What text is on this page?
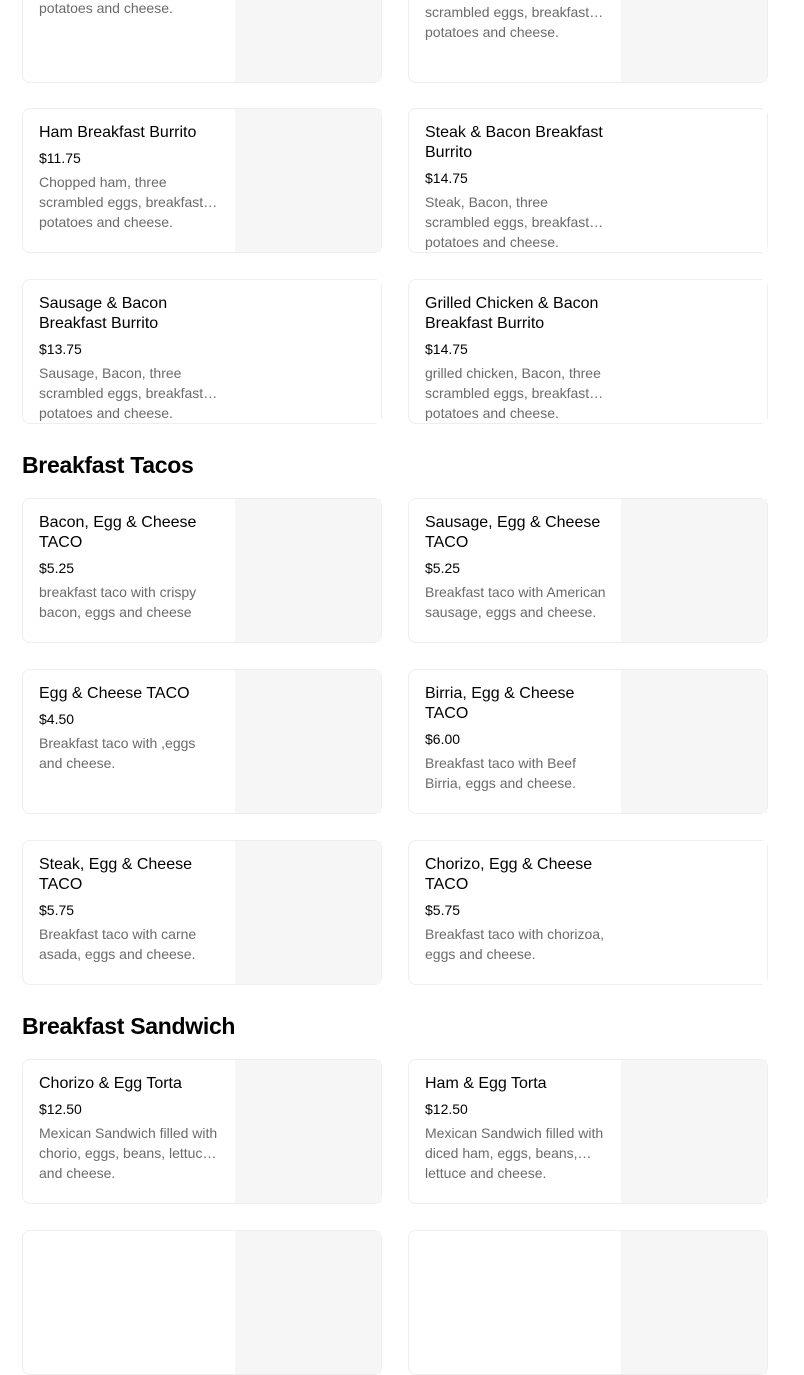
potatoes and cheese.	scrambled eggs, breakfast potatoes and cheese.
Ham Breakfast Burrito
$11.75
Chopped ham, three scrambled eggs, breakfast potatoes and cheese.
Steak & Bacon Breakfast Burrito
$14.75
Steak, Bacon, three scrambled eggs, breakfast potatoes and cheese.
Sausage & Bacon Breakfast Burrito
$13.75
Sausage, Bacon, three scrambled eggs, breakfast potatoes and cheese.
Grilled Chicken & Bacon Breakfast Burrito
$14.75
grilled chicken, Bacon, three scrambled eggs, breakfast potatoes and cheese.
Breakfast Tacos
Bacon, Egg & Cheese TACO
$5.25
breakfast taco with crispy bacon, eggs and cheese
Sausage, Egg & Cheese TACO
$5.25
Breakfast taco with American sausage, eggs and cheese.
Egg & Cheese TACO
$4.50
Breakfast taco with ,eggs and cheese.
Birria, Egg & Cheese TACO
$6.00
Breakfast taco with Beef Birria, eggs and cheese.
Steak, Egg & Cheese TACO
$5.75
Breakfast taco with carne asada, eggs and cheese.
Chorizo, Egg & Cheese TACO
$5.75
Breakfast taco with chorizoa, eggs and cheese.
Breakfast Sandwich
Chorizo & Egg Torta
$12.50
Mexican Sandwich filled with chorio, eggs, beans, lettuce and cheese.
Ham & Egg Torta
$12.50
Mexican Sandwich filled with diced ham, eggs, beans, lettuce and cheese.
